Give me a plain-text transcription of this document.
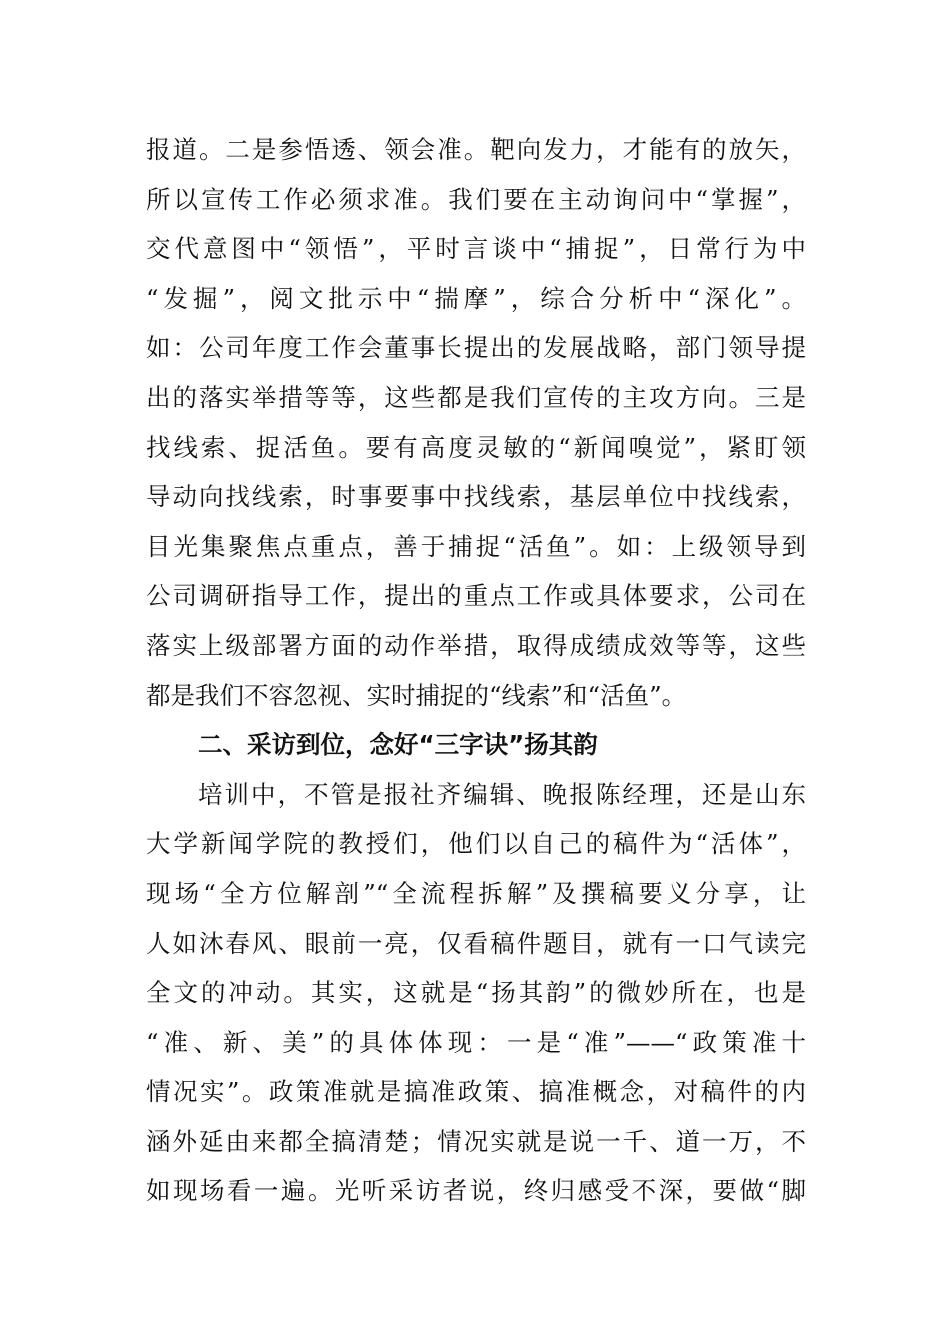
报道。二是参悟透、领会准。靶向发力，才能有的放矢，
所以宣传工作必须求准。我们要在主动询问中“掌握”，
交代意图中“领悟”，平时言谈中“捕捉”，日常行为中
“发掘”，阅文批示中“揣摩”，综合分析中“深化”。
如：公司年度工作会董事长提出的发展战略，部门领导提
出的落实举措等等，这些都是我们宣传的主攻方向。三是
找线索、捉活鱼。要有高度灵敏的“新闻嗅觉”，紧盯领
导动向找线索，时事要事中找线索，基层单位中找线索，
目光集聚焦点重点，善于捕捉“活鱼”。如：上级领导到
公司调研指导工作，提出的重点工作或具体要求，公司在
落实上级部署方面的动作举措，取得成绩成效等等，这些
都是我们不容忽视、实时捕捉的“线索”和“活鱼”。
二、采访到位，念好“三字诀”扬其韵
培训中，不管是报社齐编辑、晚报陈经理，还是山东
大学新闻学院的教授们，他们以自己的稿件为“活体”，
现场“全方位解剖”“全流程拆解”及撰稿要义分享，让
人如沐春风、眼前一亮，仅看稿件题目，就有一口气读完
全文的冲动。其实，这就是“扬其韵”的微妙所在，也是
“准、新、美”的具体体现：一是“准”——“政策准十
情况实”。政策准就是搞准政策、搞准概念，对稿件的内
涵外延由来都全搞清楚；情况实就是说一千、道一万，不
如现场看一遍。光听采访者说，终归感受不深，要做“脚
